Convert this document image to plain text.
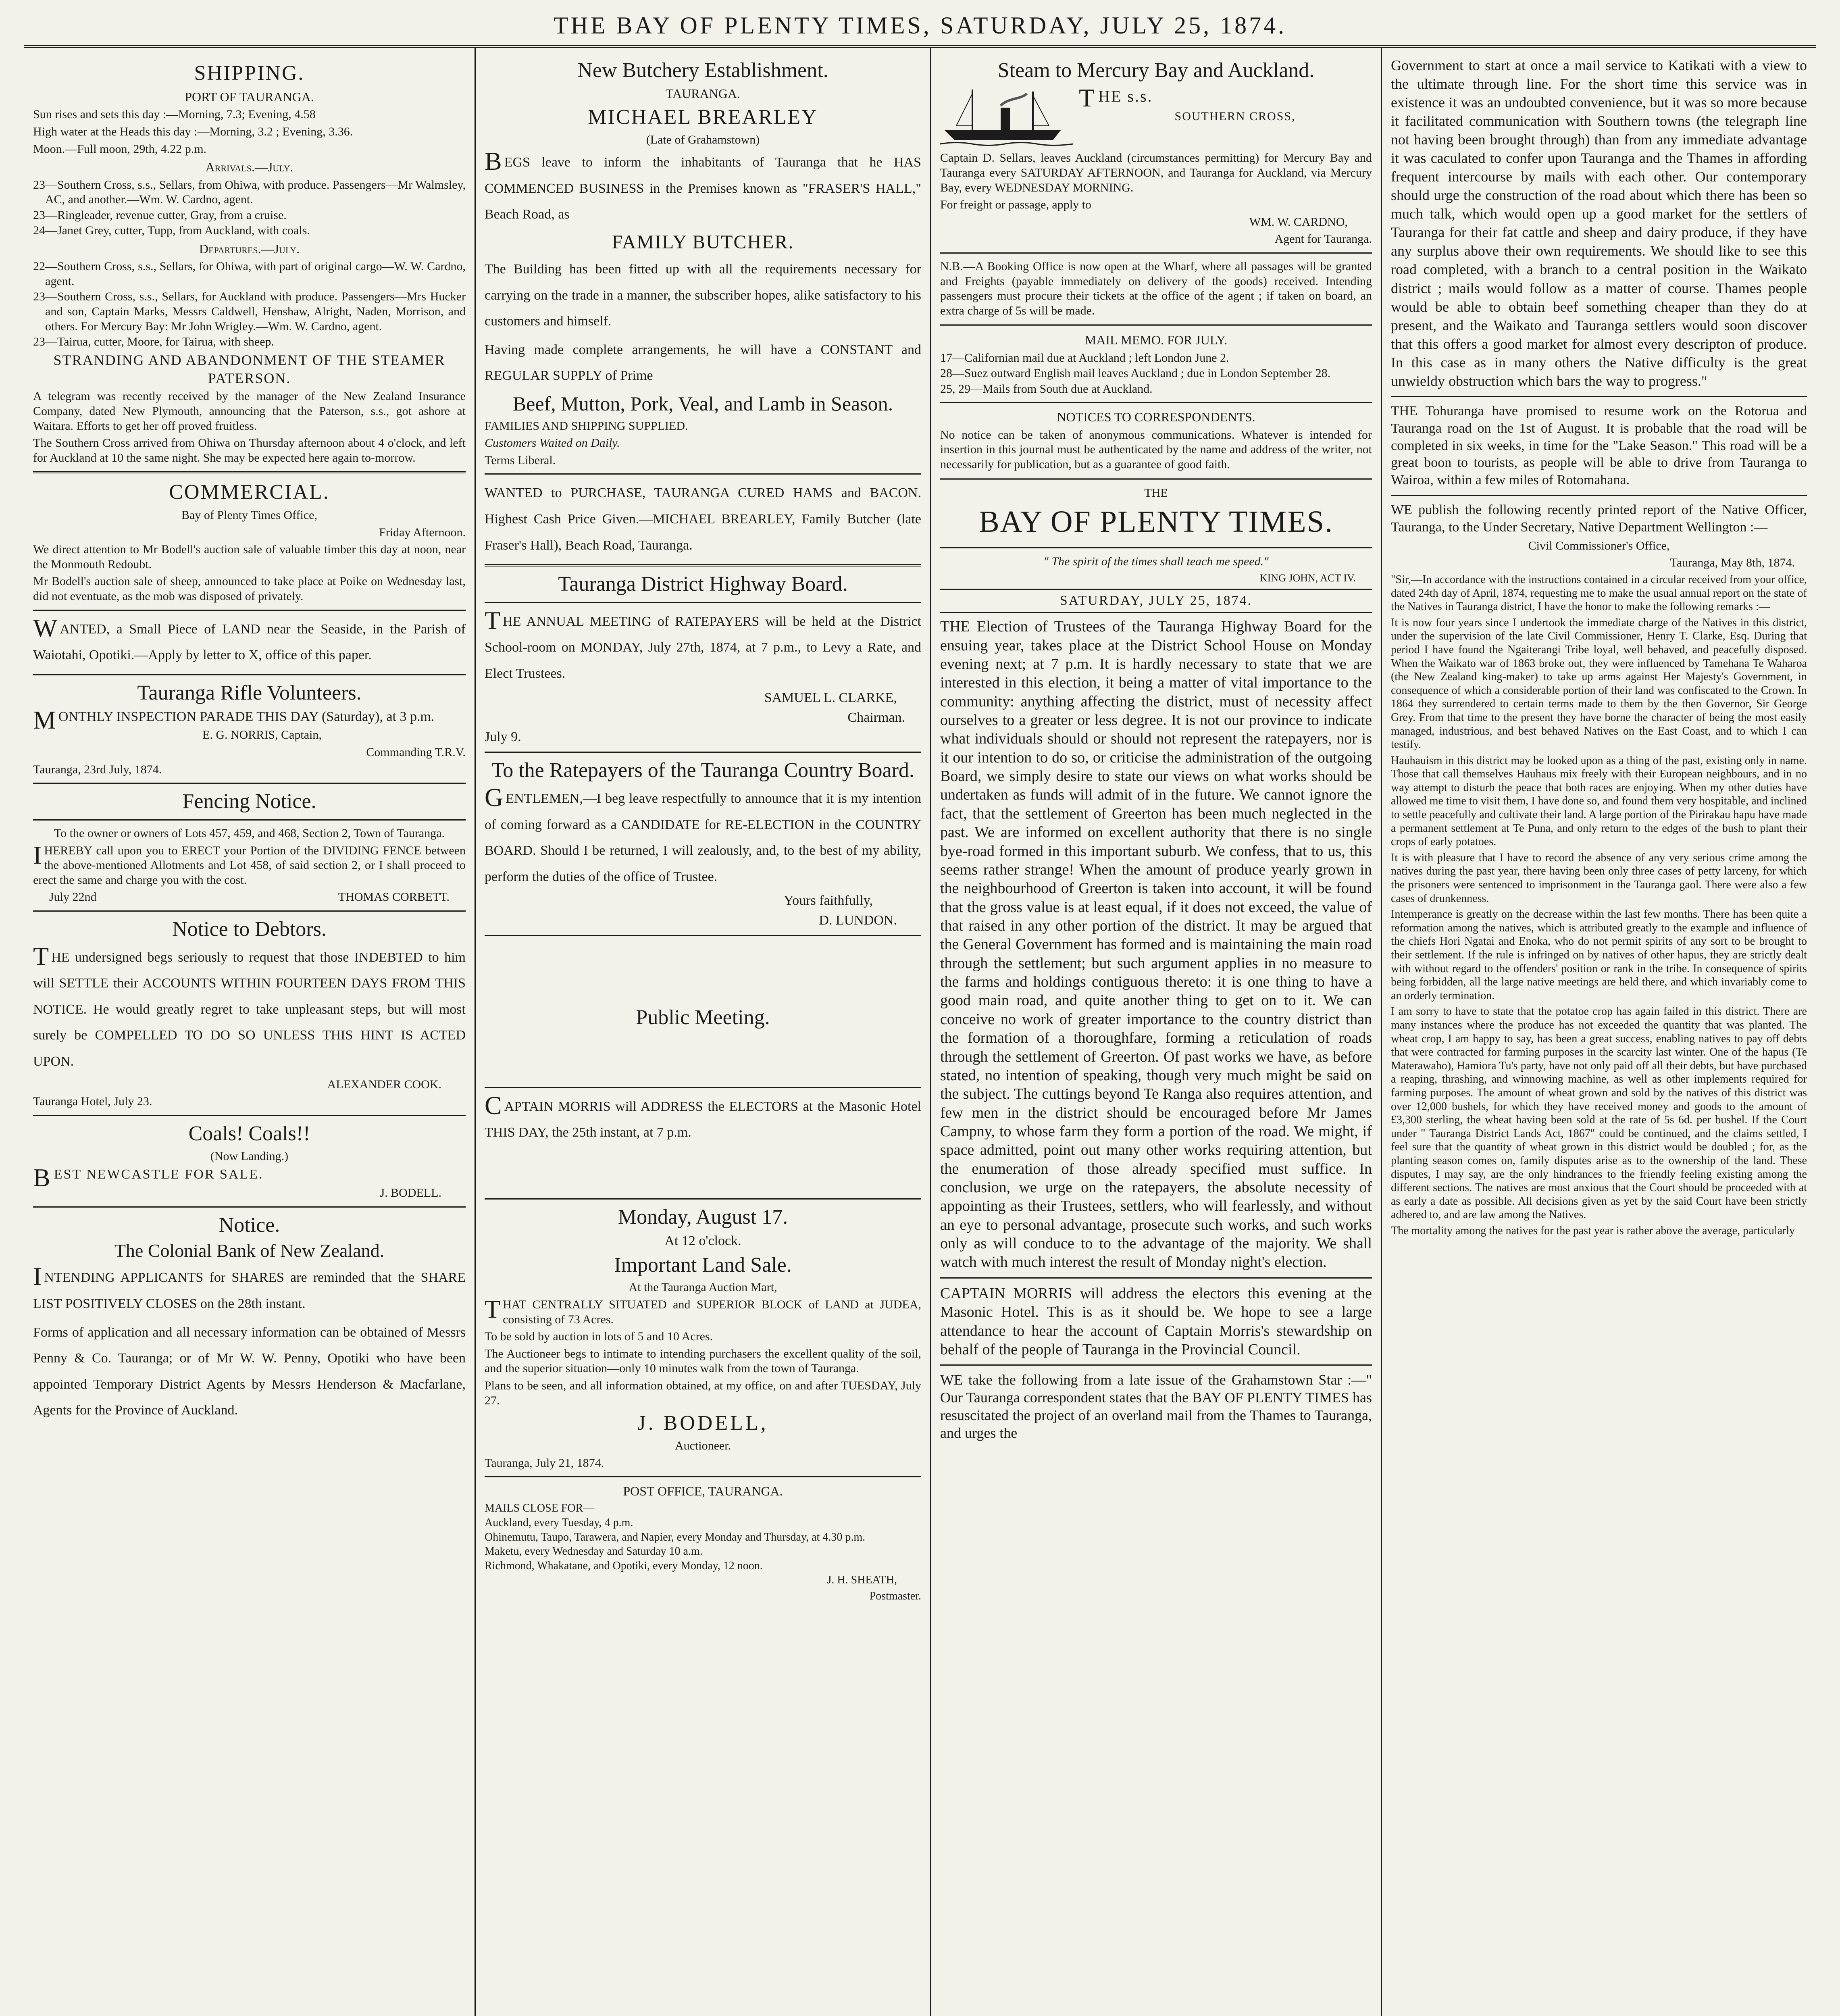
THE BAY OF PLENTY TIMES, SATURDAY, JULY 25, 1874.
SHIPPING.
PORT OF TAURANGA.

Sun rises and sets this day :—Morning, 7.3; Evening, 4.58

High water at the Heads this day :—Morning, 3.2 ; Evening, 3.36.

Moon.—Full moon, 29th, 4.22 p.m.

Arrivals.—July.

23—Southern Cross, s.s., Sellars, from Ohiwa, with produce. Passengers—Mr Walmsley, AC, and another.—Wm. W. Cardno, agent.

23—Ringleader, revenue cutter, Gray, from a cruise.

24—Janet Grey, cutter, Tupp, from Auckland, with coals.

Departures.—July.

22—Southern Cross, s.s., Sellars, for Ohiwa, with part of original cargo—W. W. Cardno, agent.

23—Southern Cross, s.s., Sellars, for Auckland with produce. Passengers—Mrs Hucker and son, Captain Marks, Messrs Caldwell, Henshaw, Alright, Naden, Morrison, and others. For Mercury Bay: Mr John Wrigley.—Wm. W. Cardno, agent.

23—Tairua, cutter, Moore, for Tairua, with sheep.

STRANDING AND ABANDONMENT OF THE STEAMER PATERSON.

A telegram was recently received by the manager of the New Zealand Insurance Company, dated New Plymouth, announcing that the Paterson, s.s., got ashore at Waitara. Efforts to get her off proved fruitless.

The Southern Cross arrived from Ohiwa on Thursday afternoon about 4 o'clock, and left for Auckland at 10 the same night. She may be expected here again to-morrow.

COMMERCIAL.

Bay of Plenty Times Office,

Friday Afternoon.

We direct attention to Mr Bodell's auction sale of valuable timber this day at noon, near the Monmouth Redoubt.

Mr Bodell's auction sale of sheep, announced to take place at Poike on Wednesday last, did not eventuate, as the mob was disposed of privately.

WANTED, a Small Piece of LAND near the Seaside, in the Parish of Waiotahi, Opotiki.—Apply by letter to X, office of this paper.

Tauranga Rifle Volunteers.

MONTHLY INSPECTION PARADE THIS DAY (Saturday), at 3 p.m.

E. G. NORRIS, Captain,

Commanding T.R.V.

Tauranga, 23rd July, 1874.

Fencing Notice.

To the owner or owners of Lots 457, 459, and 468, Section 2, Town of Tauranga.

IHEREBY call upon you to ERECT your Portion of the DIVIDING FENCE between the above-mentioned Allotments and Lot 458, of said section 2, or I shall proceed to erect the same and charge you with the cost.

July 22nd	THOMAS CORBETT.
Notice to Debtors.

THE undersigned begs seriously to request that those INDEBTED to him will SETTLE their ACCOUNTS WITHIN FOURTEEN DAYS FROM THIS NOTICE. He would greatly regret to take unpleasant steps, but will most surely be COMPELLED TO DO SO UNLESS THIS HINT IS ACTED UPON.

ALEXANDER COOK.

Tauranga Hotel, July 23.

Coals! Coals!!

(Now Landing.)

BEST NEWCASTLE FOR SALE.

J. BODELL.

Notice.
The Colonial Bank of New Zealand.

INTENDING APPLICANTS for SHARES are reminded that the SHARE LIST POSITIVELY CLOSES on the 28th instant.

Forms of application and all necessary information can be obtained of Messrs Penny & Co. Tauranga; or of Mr W. W. Penny, Opotiki who have been appointed Temporary District Agents by Messrs Henderson & Macfarlane, Agents for the Province of Auckland.

New Butchery Establishment.
TAURANGA.
MICHAEL BREARLEY

(Late of Grahamstown)

BEGS leave to inform the inhabitants of Tauranga that he HAS COMMENCED BUSINESS in the Premises known as "FRASER'S HALL," Beach Road, as

FAMILY BUTCHER.

The Building has been fitted up with all the requirements necessary for carrying on the trade in a manner, the subscriber hopes, alike satisfactory to his customers and himself.

Having made complete arrangements, he will have a CONSTANT and REGULAR SUPPLY of Prime

Beef, Mutton, Pork, Veal, and Lamb in Season.

FAMILIES AND SHIPPING SUPPLIED.

Customers Waited on Daily.

Terms Liberal.

WANTED to PURCHASE, TAURANGA CURED HAMS and BACON. Highest Cash Price Given.—MICHAEL BREARLEY, Family Butcher (late Fraser's Hall), Beach Road, Tauranga.

Tauranga District Highway Board.

THE ANNUAL MEETING of RATEPAYERS will be held at the District School-room on MONDAY, July 27th, 1874, at 7 p.m., to Levy a Rate, and Elect Trustees.

SAMUEL L. CLARKE,

Chairman.

July 9.

To the Ratepayers of the Tauranga Country Board.

GENTLEMEN,—I beg leave respectfully to announce that it is my intention of coming forward as a CANDIDATE for RE-ELECTION in the COUNTRY BOARD. Should I be returned, I will zealously, and, to the best of my ability, perform the duties of the office of Trustee.

Yours faithfully,

D. LUNDON.

Public Meeting.

CAPTAIN MORRIS will ADDRESS the ELECTORS at the Masonic Hotel THIS DAY, the 25th instant, at 7 p.m.

Monday, August 17.

At 12 o'clock.

Important Land Sale.

At the Tauranga Auction Mart,

THAT CENTRALLY SITUATED and SUPERIOR BLOCK of LAND at JUDEA, consisting of 73 Acres.

To be sold by auction in lots of 5 and 10 Acres.

The Auctioneer begs to intimate to intending purchasers the excellent quality of the soil, and the superior situation—only 10 minutes walk from the town of Tauranga.

Plans to be seen, and all information obtained, at my office, on and after TUESDAY, July 27.

J. BODELL,

Auctioneer.

Tauranga, July 21, 1874.

POST OFFICE, TAURANGA.

MAILS CLOSE FOR—

Auckland, every Tuesday, 4 p.m.

Ohinemutu, Taupo, Tarawera, and Napier, every Monday and Thursday, at 4.30 p.m.

Maketu, every Wednesday and Saturday 10 a.m.

Richmond, Whakatane, and Opotiki, every Monday, 12 noon.

J. H. SHEATH,

Postmaster.

Steam to Mercury Bay and Auckland.

THE s.s.

SOUTHERN CROSS,

Captain D. Sellars, leaves Auckland (circumstances permitting) for Mercury Bay and Tauranga every SATURDAY AFTERNOON, and Tauranga for Auckland, via Mercury Bay, every WEDNESDAY MORNING.

For freight or passage, apply to

WM. W. CARDNO,

Agent for Tauranga.

N.B.—A Booking Office is now open at the Wharf, where all passages will be granted and Freights (payable immediately on delivery of the goods) received. Intending passengers must procure their tickets at the office of the agent ; if taken on board, an extra charge of 5s will be made.

MAIL MEMO. FOR JULY.

17—Californian mail due at Auckland ; left London June 2.

28—Suez outward English mail leaves Auckland ; due in London September 28.

25, 29—Mails from South due at Auckland.

NOTICES TO CORRESPONDENTS.

No notice can be taken of anonymous communications. Whatever is intended for insertion in this journal must be authenticated by the name and address of the writer, not necessarily for publication, but as a guarantee of good faith.

THE

BAY OF PLENTY TIMES.

" The spirit of the times shall teach me speed."

KING JOHN, ACT IV.

SATURDAY, JULY 25, 1874.

THE Election of Trustees of the Tauranga Highway Board for the ensuing year, takes place at the District School House on Monday evening next; at 7 p.m. It is hardly necessary to state that we are interested in this election, it being a matter of vital importance to the community: anything affecting the district, must of necessity affect ourselves to a greater or less degree. It is not our province to indicate what individuals should or should not represent the ratepayers, nor is it our intention to do so, or criticise the administration of the outgoing Board, we simply desire to state our views on what works should be undertaken as funds will admit of in the future. We cannot ignore the fact, that the settlement of Greerton has been much neglected in the past. We are informed on excellent authority that there is no single bye-road formed in this important suburb. We confess, that to us, this seems rather strange! When the amount of produce yearly grown in the neighbourhood of Greerton is taken into account, it will be found that the gross value is at least equal, if it does not exceed, the value of that raised in any other portion of the district. It may be argued that the General Government has formed and is maintaining the main road through the settlement; but such argument applies in no measure to the farms and holdings contiguous thereto: it is one thing to have a good main road, and quite another thing to get on to it. We can conceive no work of greater importance to the country district than the formation of a thoroughfare, forming a reticulation of roads through the settlement of Greerton. Of past works we have, as before stated, no intention of speaking, though very much might be said on the subject. The cuttings beyond Te Ranga also requires attention, and few men in the district should be encouraged before Mr James Campny, to whose farm they form a portion of the road. We might, if space admitted, point out many other works requiring attention, but the enumeration of those already specified must suffice. In conclusion, we urge on the ratepayers, the absolute necessity of appointing as their Trustees, settlers, who will fearlessly, and without an eye to personal advantage, prosecute such works, and such works only as will conduce to to the advantage of the majority. We shall watch with much interest the result of Monday night's election.

CAPTAIN MORRIS will address the electors this evening at the Masonic Hotel. This is as it should be. We hope to see a large attendance to hear the account of Captain Morris's stewardship on behalf of the people of Tauranga in the Provincial Council.

WE take the following from a late issue of the Grahamstown Star :—" Our Tauranga correspondent states that the BAY OF PLENTY TIMES has resuscitated the project of an overland mail from the Thames to Tauranga, and urges the

Government to start at once a mail service to Katikati with a view to the ultimate through line. For the short time this service was in existence it was an undoubted convenience, but it was so more because it facilitated communication with Southern towns (the telegraph line not having been brought through) than from any immediate advantage it was caculated to confer upon Tauranga and the Thames in affording frequent intercourse by mails with each other. Our contemporary should urge the construction of the road about which there has been so much talk, which would open up a good market for the settlers of Tauranga for their fat cattle and sheep and dairy produce, if they have any surplus above their own requirements. We should like to see this road completed, with a branch to a central position in the Waikato district ; mails would follow as a matter of course. Thames people would be able to obtain beef something cheaper than they do at present, and the Waikato and Tauranga settlers would soon discover that this offers a good market for almost every descripton of produce. In this case as in many others the Native difficulty is the great unwieldy obstruction which bars the way to progress."

THE Tohuranga have promised to resume work on the Rotorua and Tauranga road on the 1st of August. It is probable that the road will be completed in six weeks, in time for the "Lake Season." This road will be a great boon to tourists, as people will be able to drive from Tauranga to Wairoa, within a few miles of Rotomahana.

WE publish the following recently printed report of the Native Officer, Tauranga, to the Under Secretary, Native Department Wellington :—

Civil Commissioner's Office,

Tauranga, May 8th, 1874.

"Sir,—In accordance with the instructions contained in a circular received from your office, dated 24th day of April, 1874, requesting me to make the usual annual report on the state of the Natives in Tauranga district, I have the honor to make the following remarks :—

It is now four years since I undertook the immediate charge of the Natives in this district, under the supervision of the late Civil Commissioner, Henry T. Clarke, Esq. During that period I have found the Ngaiterangi Tribe loyal, well behaved, and peacefully disposed. When the Waikato war of 1863 broke out, they were influenced by Tamehana Te Waharoa (the New Zealand king-maker) to take up arms against Her Majesty's Government, in consequence of which a considerable portion of their land was confiscated to the Crown. In 1864 they surrendered to certain terms made to them by the then Governor, Sir George Grey. From that time to the present they have borne the character of being the most easily managed, industrious, and best behaved Natives on the East Coast, and to which I can testify.

Hauhauism in this district may be looked upon as a thing of the past, existing only in name. Those that call themselves Hauhaus mix freely with their European neighbours, and in no way attempt to disturb the peace that both races are enjoying. When my other duties have allowed me time to visit them, I have done so, and found them very hospitable, and inclined to settle peacefully and cultivate their land. A large portion of the Pirirakau hapu have made a permanent settlement at Te Puna, and only return to the edges of the bush to plant their crops of early potatoes.

It is with pleasure that I have to record the absence of any very serious crime among the natives during the past year, there having been only three cases of petty larceny, for which the prisoners were sentenced to imprisonment in the Tauranga gaol. There were also a few cases of drunkenness.

Intemperance is greatly on the decrease within the last few months. There has been quite a reformation among the natives, which is attributed greatly to the example and influence of the chiefs Hori Ngatai and Enoka, who do not permit spirits of any sort to be brought to their settlement. If the rule is infringed on by natives of other hapus, they are strictly dealt with without regard to the offenders' position or rank in the tribe. In consequence of spirits being forbidden, all the large native meetings are held there, and which invariably come to an orderly termination.

I am sorry to have to state that the potatoe crop has again failed in this district. There are many instances where the produce has not exceeded the quantity that was planted. The wheat crop, I am happy to say, has been a great success, enabling natives to pay off debts that were contracted for farming purposes in the scarcity last winter. One of the hapus (Te Materawaho), Hamiora Tu's party, have not only paid off all their debts, but have purchased a reaping, thrashing, and winnowing machine, as well as other implements required for farming purposes. The amount of wheat grown and sold by the natives of this district was over 12,000 bushels, for which they have received money and goods to the amount of £3,300 sterling, the wheat having been sold at the rate of 5s 6d. per bushel. If the Court under " Tauranga District Lands Act, 1867" could be continued, and the claims settled, I feel sure that the quantity of wheat grown in this district would be doubled ; for, as the planting season comes on, family disputes arise as to the ownership of the land. These disputes, I may say, are the only hindrances to the friendly feeling existing among the different sections. The natives are most anxious that the Court should be proceeded with at as early a date as possible. All decisions given as yet by the said Court have been strictly adhered to, and are law among the Natives.

The mortality among the natives for the past year is rather above the average, particularly
